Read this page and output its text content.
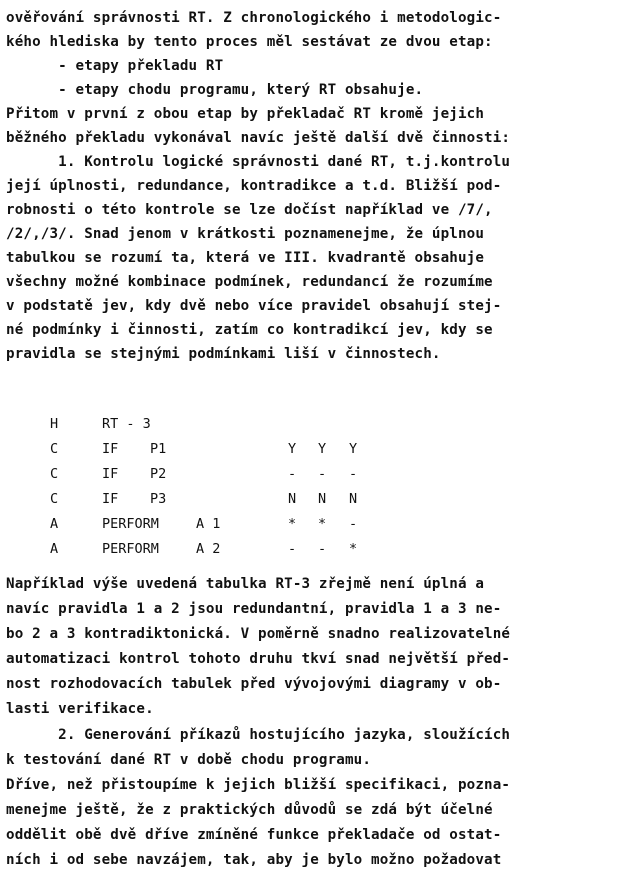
ověřování správnosti RT. Z chronologického i metodologic-
kého hlediska by tento proces měl sestávat ze dvou etap:
- etapy překladu RT
- etapy chodu programu, který RT obsahuje.
Přitom v první z obou etap by překladač RT kromě jejich
běžného překladu vykonával navíc ještě další dvě činnosti:
1. Kontrolu logické správnosti dané RT, t.j.kontrolu
její úplnosti, redundance, kontradikce a t.d. Bližší pod-
robnosti o této kontrole se lze dočíst například ve /7/,
/2/,/3/. Snad jenom v krátkosti poznamenejme, že úplnou
tabulkou se rozumí ta, která ve III. kvadrantě obsahuje
všechny možné kombinace podmínek, redundancí že rozumíme
v podstatě jev, kdy dvě nebo více pravidel obsahují stej-
né podmínky i činnosti, zatím co kontradikcí jev, kdy se
pravidla se stejnými podmínkami liší v činnostech.
H	RT - 3
C	IF P1	Y Y Y
C	IF P2	- - -
C	IF P3	N N N
A	PERFORM	A 1	* * -
A	PERFORM	A 2	- - *
Například výše uvedená tabulka RT-3 zřejmě není úplná a
navíc pravidla 1 a 2 jsou redundantní, pravidla 1 a 3 ne-
bo 2 a 3 kontradiktonická. V poměrně snadno realizovatelné
automatizaci kontrol tohoto druhu tkví snad největší před-
nost rozhodovacích tabulek před vývojovými diagramy v ob-
lasti verifikace.
2. Generování příkazů hostujícího jazyka, sloužících
k testování dané RT v době chodu programu.
Dříve, než přistoupíme k jejich bližší specifikaci, pozna-
menejme ještě, že z praktických důvodů se zdá být účelné
oddělit obě dvě dříve zmíněné funkce překladače od ostat-
ních i od sebe navzájem, tak, aby je bylo možno požadovat
